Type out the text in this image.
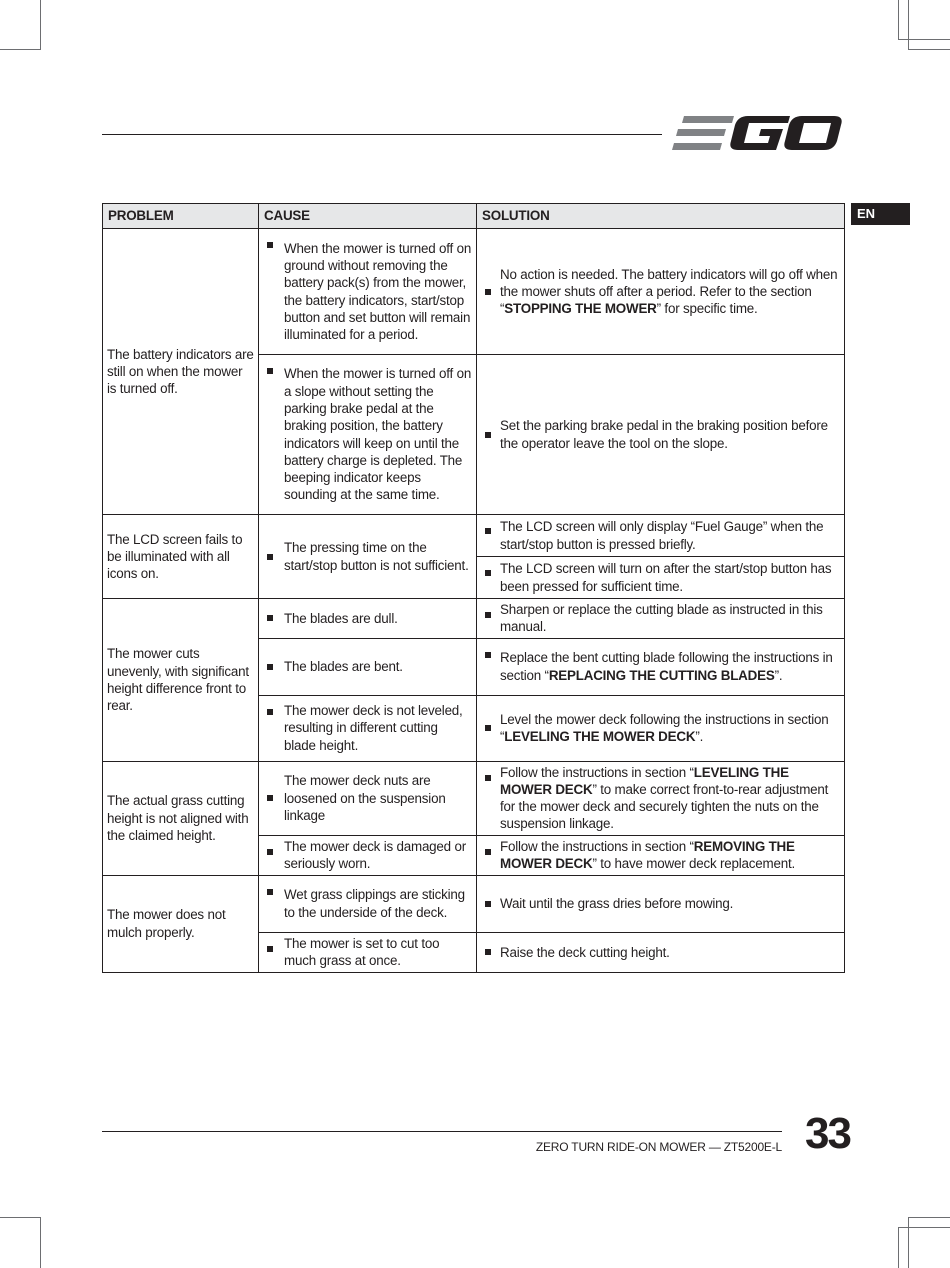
EN
PROBLEM	CAUSE	SOLUTION
The battery indicators are still on when the mower is turned off.	When the mower is turned off on ground without removing the battery pack(s) from the mower, the battery indicators, start/stop button and set button will remain illuminated for a period.	No action is needed. The battery indicators will go off when the mower shuts off after a period. Refer to the section “STOPPING THE MOWER” for specific time.
	When the mower is turned off on a slope without setting the parking brake pedal at the braking position, the battery indicators will keep on until the battery charge is depleted. The beeping indicator keeps sounding at the same time.	Set the parking brake pedal in the braking position before the operator leave the tool on the slope.
The LCD screen fails to be illuminated with all icons on.	The pressing time on the start/stop button is not sufficient.	The LCD screen will only display “Fuel Gauge” when the start/stop button is pressed briefly.
		The LCD screen will turn on after the start/stop button has been pressed for sufficient time.
The mower cuts unevenly, with significant height difference front to rear.	The blades are dull.	Sharpen or replace the cutting blade as instructed in this manual.
	The blades are bent.	Replace the bent cutting blade following the instructions in section “REPLACING THE CUTTING BLADES”.
	The mower deck is not leveled, resulting in different cutting blade height.	Level the mower deck following the instructions in section “LEVELING THE MOWER DECK”.
The actual grass cutting height is not aligned with the claimed height.	The mower deck nuts are loosened on the suspension linkage	Follow the instructions in section “LEVELING THE MOWER DECK” to make correct front-to-rear adjustment for the mower deck and securely tighten the nuts on the suspension linkage.
	The mower deck is damaged or seriously worn.	Follow the instructions in section “REMOVING THE MOWER DECK” to have mower deck replacement.
The mower does not mulch properly.	Wet grass clippings are sticking to the underside of the deck.	Wait until the grass dries before mowing.
	The mower is set to cut too much grass at once.	Raise the deck cutting height.
ZERO TURN RIDE-ON MOWER — ZT5200E-L 33
